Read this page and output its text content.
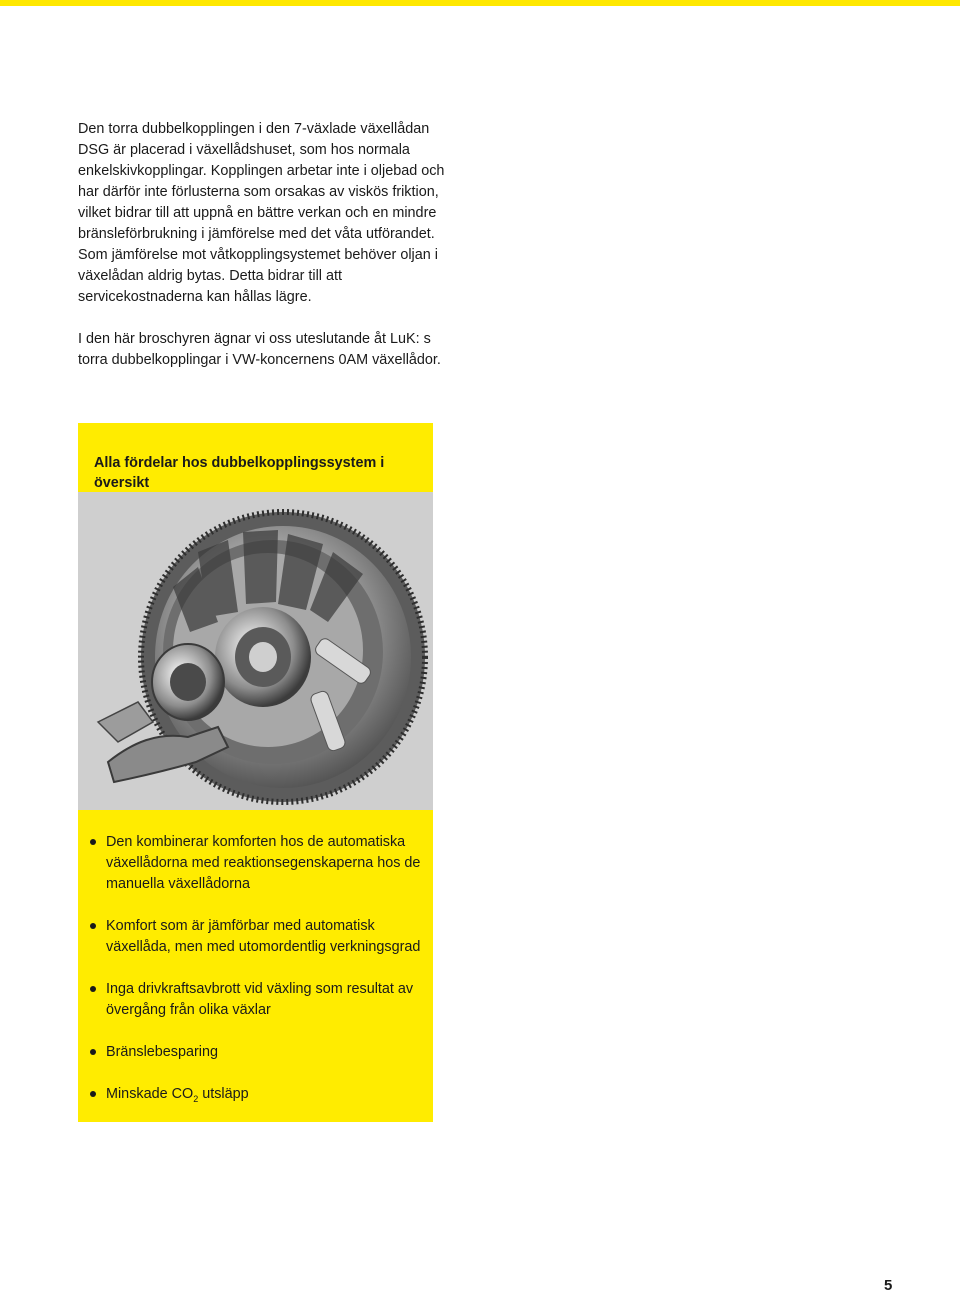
Den torra dubbelkopplingen i den 7-växlade växellådan DSG är placerad i växellådshuset, som hos normala enkelskivkopplingar. Kopplingen arbetar inte i oljebad och har därför inte förlusterna som orsakas av viskös friktion, vilket bidrar till att uppnå en bättre verkan och en mindre bränsleförbrukning i jämförelse med det våta utförandet. Som jämförelse mot våtkopplingsystemet behöver oljan i växelådan aldrig bytas. Detta bidrar till att servicekostnaderna kan hållas lägre.

I den här broschyren ägnar vi oss uteslutande åt LuK: s torra dubbelkopplingar i VW-koncernens 0AM växellådor.

Alla fördelar hos dubbelkopplingssystem i översikt
Den kombinerar komforten hos de automatiska växellådorna med reaktionsegenskaperna hos de manuella växellådorna
Komfort som är jämförbar med automatisk växellåda, men med utomordentlig verkningsgrad
Inga drivkraftsavbrott vid växling som resultat av övergång från olika växlar
Bränslebesparing
Minskade $CO_2$ utsläpp
5
